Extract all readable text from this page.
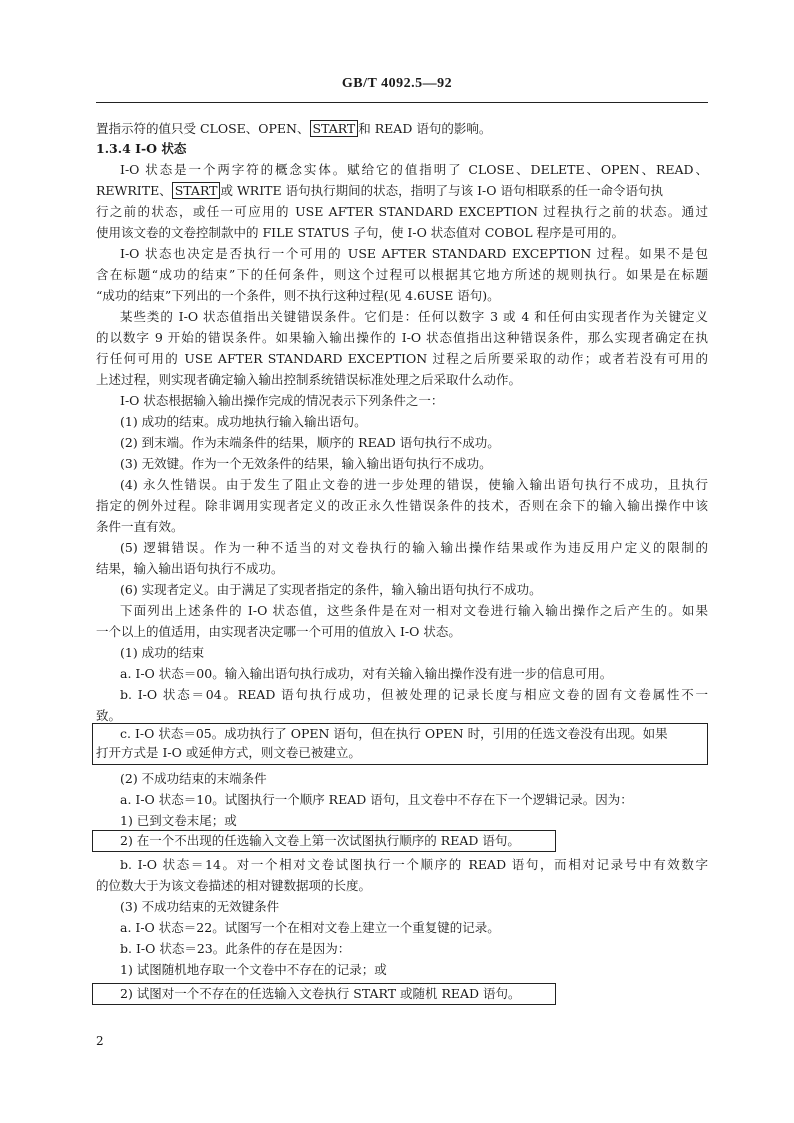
GB/T 4092.5—92
置指示符的值只受 CLOSE、OPEN、 START 和 READ 语句的影响。
1.3.4 I-O 状态
I-O 状态是一个两字符的概念实体。赋给它的值指明了 CLOSE、DELETE、OPEN、READ、
REWRITE、 START 或 WRITE 语句执行期间的状态，指明了与该 I-O 语句相联系的任一命令语句执
行之前的状态，或任一可应用的 USE AFTER STANDARD EXCEPTION 过程执行之前的状态。通过
使用该文卷的文卷控制款中的 FILE STATUS 子句，使 I-O 状态值对 COBOL 程序是可用的。
I-O 状态也决定是否执行一个可用的 USE AFTER STANDARD EXCEPTION 过程。如果不是包
含在标题“成功的结束”下的任何条件，则这个过程可以根据其它地方所述的规则执行。如果是在标题
“成功的结束”下列出的一个条件，则不执行这种过程(见 4.6USE 语句)。
某些类的 I-O 状态值指出关键错误条件。它们是：任何以数字 3 或 4 和任何由实现者作为关键定义
的以数字 9 开始的错误条件。如果输入输出操作的 I-O 状态值指出这种错误条件，那么实现者确定在执
行任何可用的 USE AFTER STANDARD EXCEPTION 过程之后所要采取的动作；或者若没有可用的
上述过程，则实现者确定输入输出控制系统错误标准处理之后采取什么动作。
I-O 状态根据输入输出操作完成的情况表示下列条件之一：
(1) 成功的结束。成功地执行输入输出语句。
(2) 到末端。作为末端条件的结果，顺序的 READ 语句执行不成功。
(3) 无效键。作为一个无效条件的结果，输入输出语句执行不成功。
(4) 永久性错误。由于发生了阻止文卷的进一步处理的错误，使输入输出语句执行不成功，且执行
指定的例外过程。除非调用实现者定义的改正永久性错误条件的技术，否则在余下的输入输出操作中该
条件一直有效。
(5) 逻辑错误。作为一种不适当的对文卷执行的输入输出操作结果或作为违反用户定义的限制的
结果，输入输出语句执行不成功。
(6) 实现者定义。由于满足了实现者指定的条件，输入输出语句执行不成功。
下面列出上述条件的 I-O 状态值，这些条件是在对一相对文卷进行输入输出操作之后产生的。如果
一个以上的值适用，由实现者决定哪一个可用的值放入 I-O 状态。
(1) 成功的结束
a. I-O 状态＝00。输入输出语句执行成功，对有关输入输出操作没有进一步的信息可用。
b. I-O 状态＝04。READ 语句执行成功，但被处理的记录长度与相应文卷的固有文卷属性不一
致。
c. I-O 状态＝05。成功执行了 OPEN 语句，但在执行 OPEN 时，引用的任选文卷没有出现。如果
打开方式是 I-O 或延伸方式，则文卷已被建立。
(2) 不成功结束的末端条件
a. I-O 状态＝10。试图执行一个顺序 READ 语句，且文卷中不存在下一个逻辑记录。因为：
1) 已到文卷末尾；或
2) 在一个不出现的任选输入文卷上第一次试图执行顺序的 READ 语句。
b. I-O 状态＝14。对一个相对文卷试图执行一个顺序的 READ 语句，而相对记录号中有效数字
的位数大于为该文卷描述的相对键数据项的长度。
(3) 不成功结束的无效键条件
a. I-O 状态＝22。试图写一个在相对文卷上建立一个重复键的记录。
b. I-O 状态＝23。此条件的存在是因为：
1) 试图随机地存取一个文卷中不存在的记录；或
2) 试图对一个不存在的任选输入文卷执行 START 或随机 READ 语句。
2
